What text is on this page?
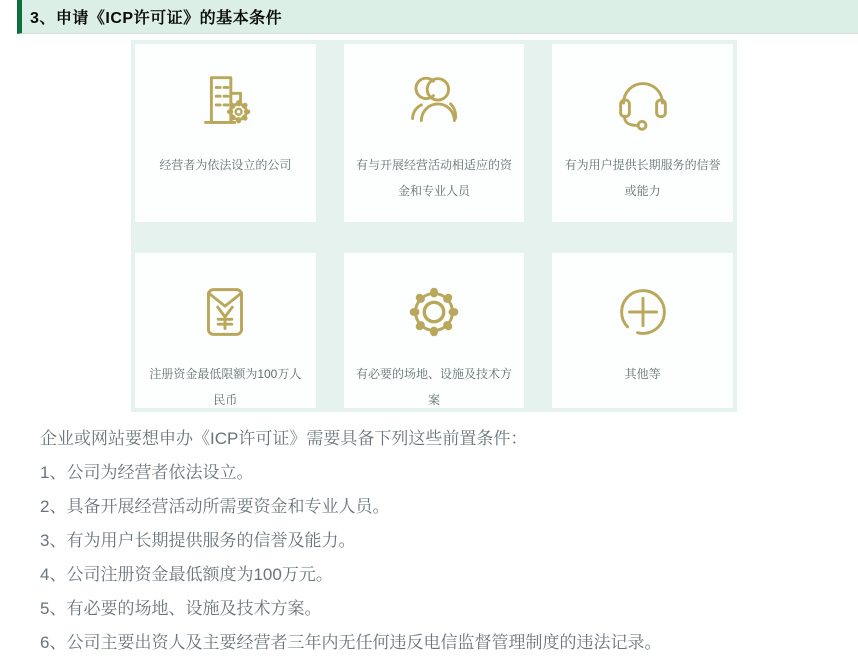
3、申请《ICP许可证》的基本条件
经营者为依法设立的公司	有与开展经营活动相适应的资金和专业人员
有为用户提供长期服务的信誉或能力
注册资金最低限额为100万人民币
有必要的场地、设施及技术方案
其他等

企业或网站要想申办《ICP许可证》需要具备下列这些前置条件：

1、公司为经营者依法设立。

2、具备开展经营活动所需要资金和专业人员。

3、有为用户长期提供服务的信誉及能力。

4、公司注册资金最低额度为100万元。

5、有必要的场地、设施及技术方案。

6、公司主要出资人及主要经营者三年内无任何违反电信监督管理制度的违法记录。
